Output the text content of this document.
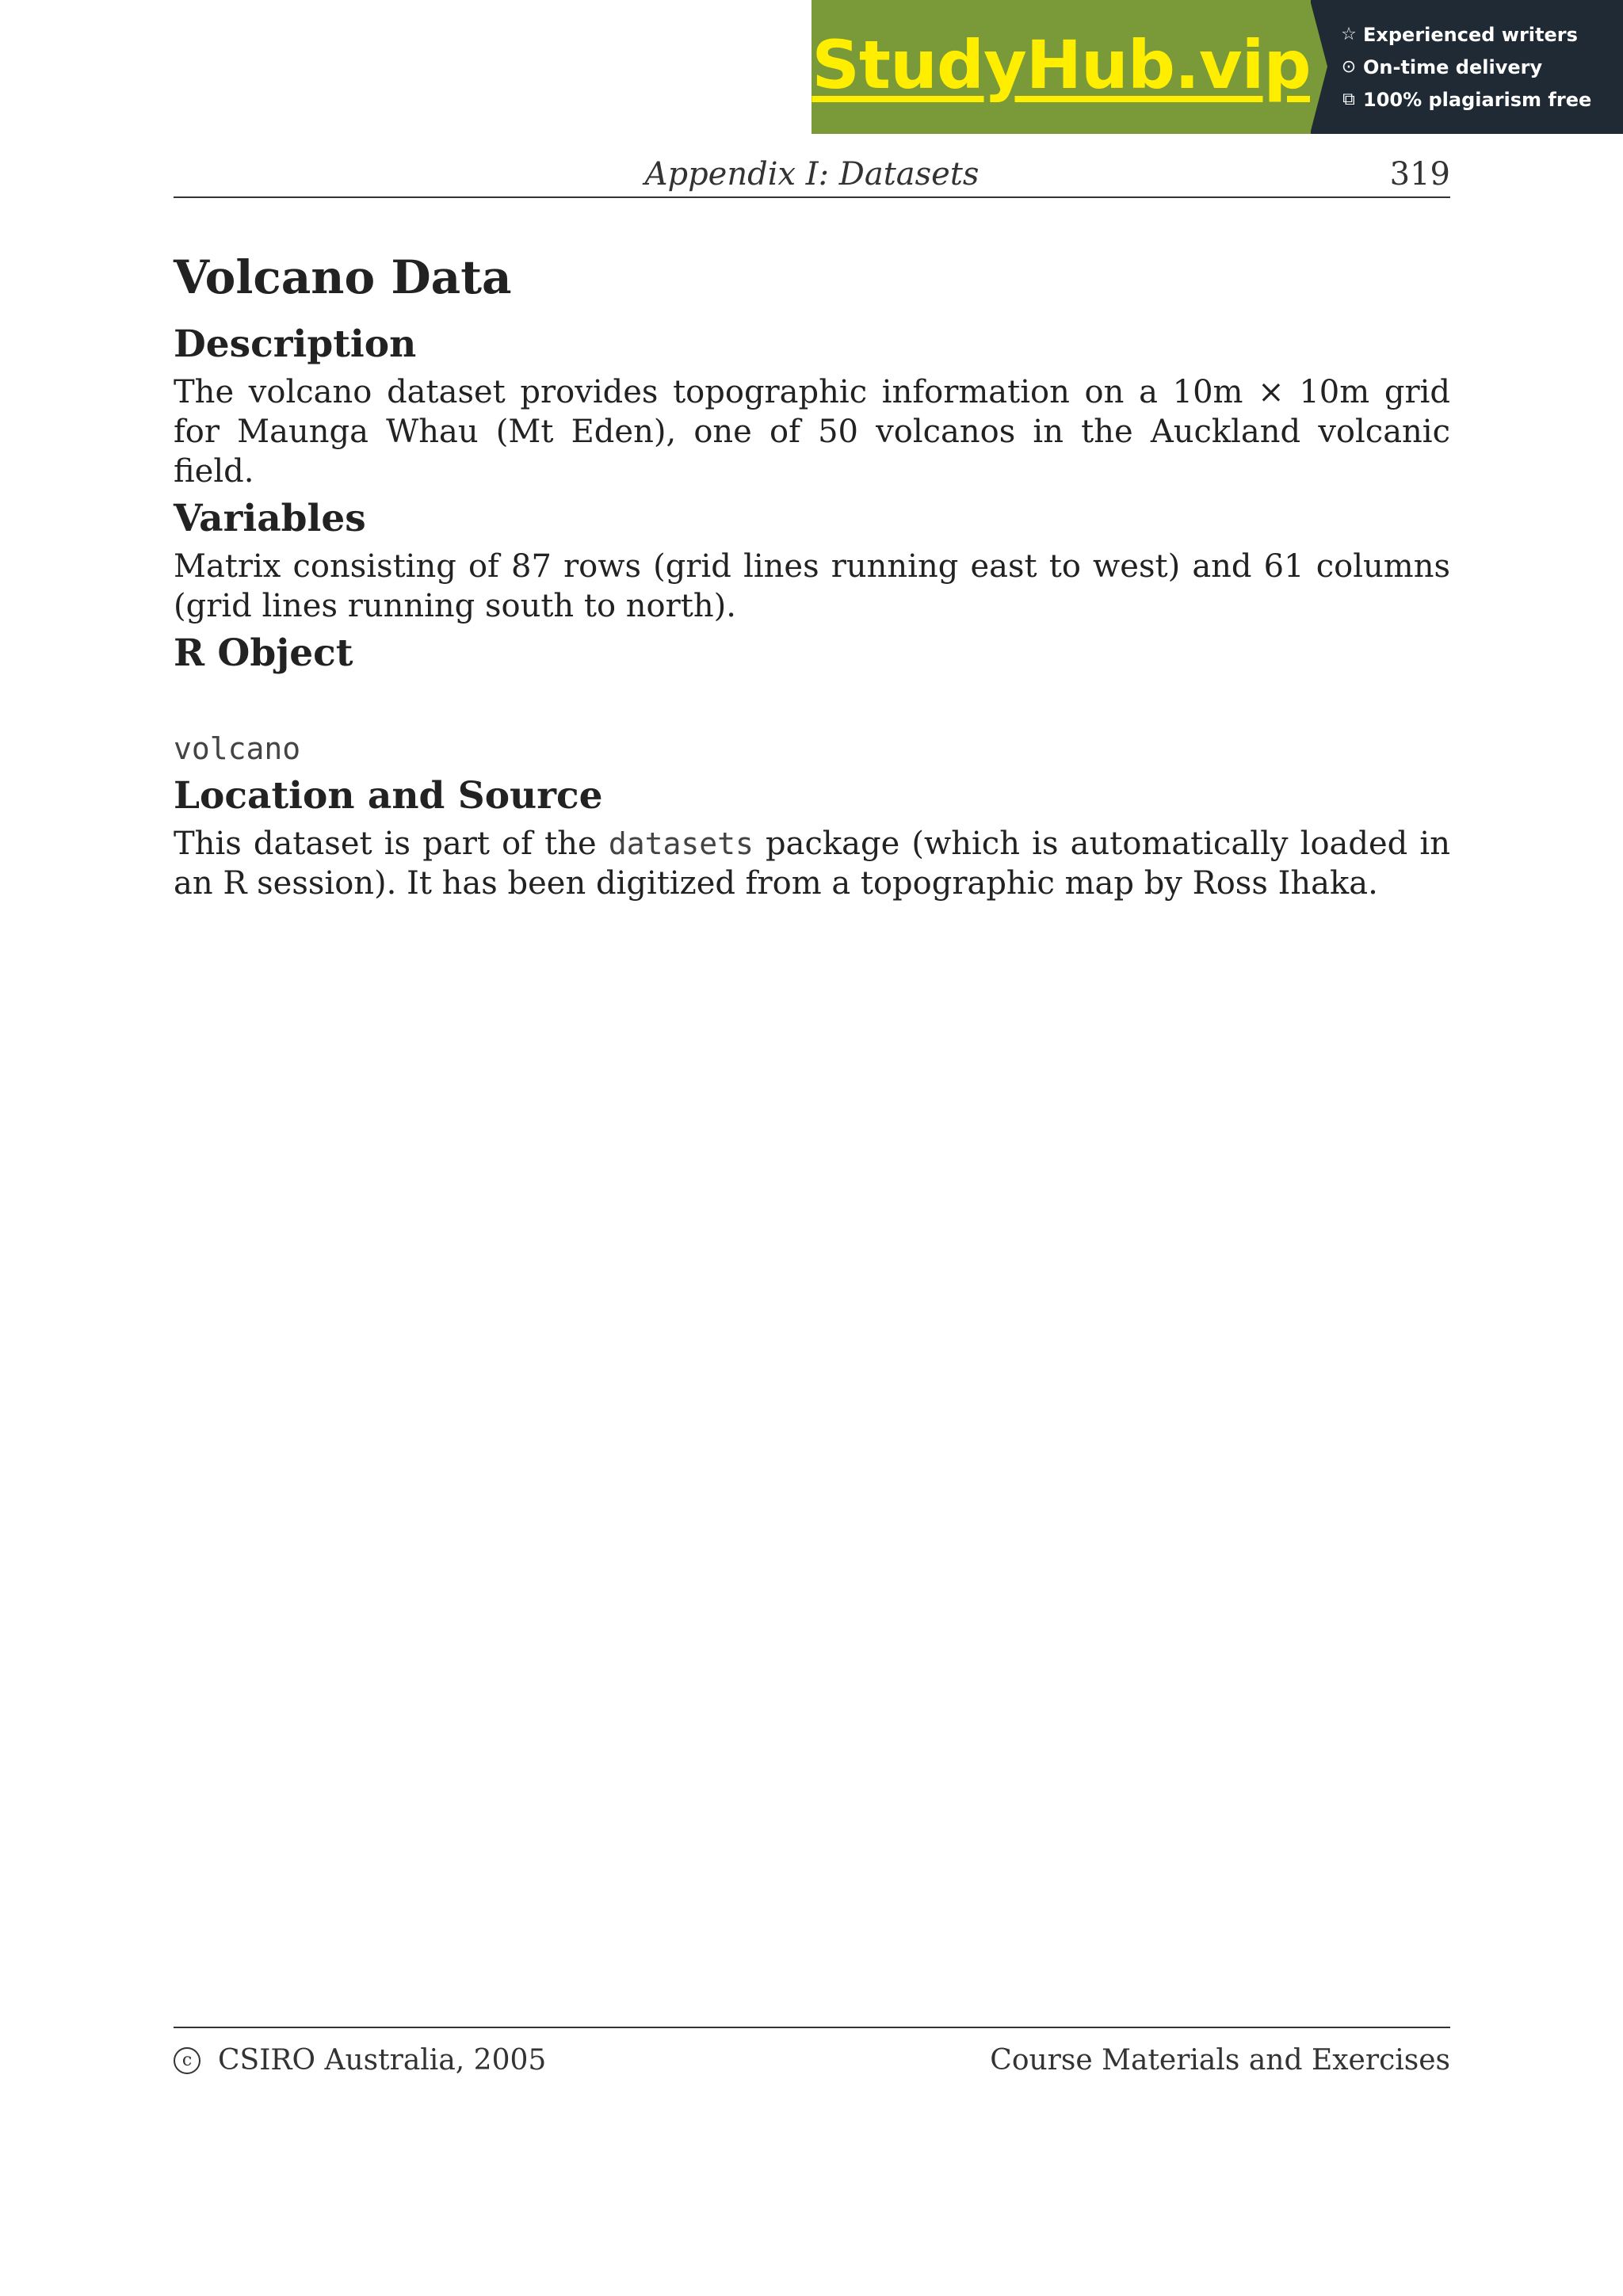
StudyHub.vip ☆ Experienced writers
⊙ On-time delivery
⧉ 100% plagiarism free
Appendix I: Datasets	319
Volcano Data
Description

The volcano dataset provides topographic information on a 10m × 10m grid for Maunga Whau (Mt Eden), one of 50 volcanos in the Auckland volcanic field.

Variables

Matrix consisting of 87 rows (grid lines running east to west) and 61 columns (grid lines running south to north).

R Object
volcano
Location and Source

This dataset is part of the datasets package (which is automatically loaded in an R session). It has been digitized from a topographic map by Ross Ihaka.

c CSIRO Australia, 2005	Course Materials and Exercises
